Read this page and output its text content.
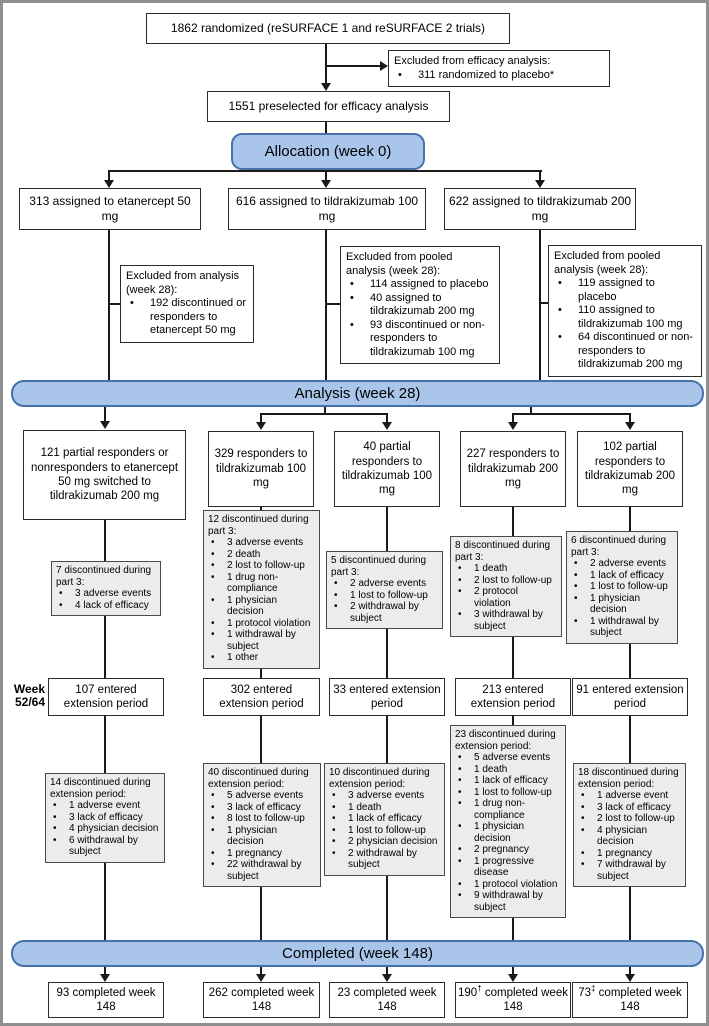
1862 randomized (reSURFACE 1 and reSURFACE 2 trials)
Excluded from efficacy analysis:
•	311 randomized to placebo*
1551 preselected for efficacy analysis
Allocation (week 0)
313 assigned to etanercept 50 mg
616 assigned to tildrakizumab 100 mg
622 assigned to tildrakizumab 200 mg
Excluded from analysis (week 28):
•	192 discontinued or responders to etanercept 50 mg
Excluded from pooled analysis (week 28):
•	114 assigned to placebo
•	40 assigned to tildrakizumab 200 mg
•	93 discontinued or non-responders to tildrakizumab 100 mg
Excluded from pooled analysis (week 28):
•	119 assigned to placebo
•	110 assigned to tildrakizumab 100 mg
•	64 discontinued or non-responders to tildrakizumab 200 mg
Analysis (week 28)
121 partial responders or nonresponders to etanercept 50 mg switched to tildrakizumab 200 mg
7 discontinued during part 3:
•	3 adverse events
•	4 lack of efficacy
107 entered extension period
14 discontinued during extension period:
•	1 adverse event
•	3 lack of efficacy
•	4 physician decision
•	6 withdrawal by subject
329 responders to tildrakizumab 100 mg
12 discontinued during part 3:
•	3 adverse events
•	2 death
•	2 lost to follow-up
•	1 drug non-compliance
•	1 physician decision
•	1 protocol violation
•	1 withdrawal by subject
•	1 other
302 entered extension period
40 discontinued during extension period:
•	5 adverse events
•	3 lack of efficacy
•	8 lost to follow-up
•	1 physician decision
•	1 pregnancy
•	22 withdrawal by subject
40 partial responders to tildrakizumab 100 mg
5 discontinued during part 3:
•	2 adverse events
•	1 lost to follow-up
•	2 withdrawal by subject
33 entered extension period
10 discontinued during extension period:
•	3 adverse events
•	1 death
•	1 lack of efficacy
•	1 lost to follow-up
•	2 physician decision
•	2 withdrawal by subject
227 responders to tildrakizumab 200 mg
8 discontinued during part 3:
•	1 death
•	2 lost to follow-up
•	2 protocol violation
•	3 withdrawal by subject
213 entered extension period
23 discontinued during extension period:
•	5 adverse events
•	1 death
•	1 lack of efficacy
•	1 lost to follow-up
•	1 drug non-compliance
•	1 physician decision
•	2 pregnancy
•	1 progressive disease
•	1 protocol violation
•	9 withdrawal by subject
102 partial responders to tildrakizumab 200 mg
6 discontinued during part 3:
•	2 adverse events
•	1 lack of efficacy
•	1 lost to follow-up
•	1 physician decision
•	1 withdrawal by subject
91 entered extension period
18 discontinued during extension period:
•	1 adverse event
•	3 lack of efficacy
•	2 lost to follow-up
•	4 physician decision
•	1 pregnancy
•	7 withdrawal by subject
Week
52/64
Completed (week 148)
93 completed week 148
262 completed week 148
23 completed week 148
190† completed week 148
73‡ completed week 148
